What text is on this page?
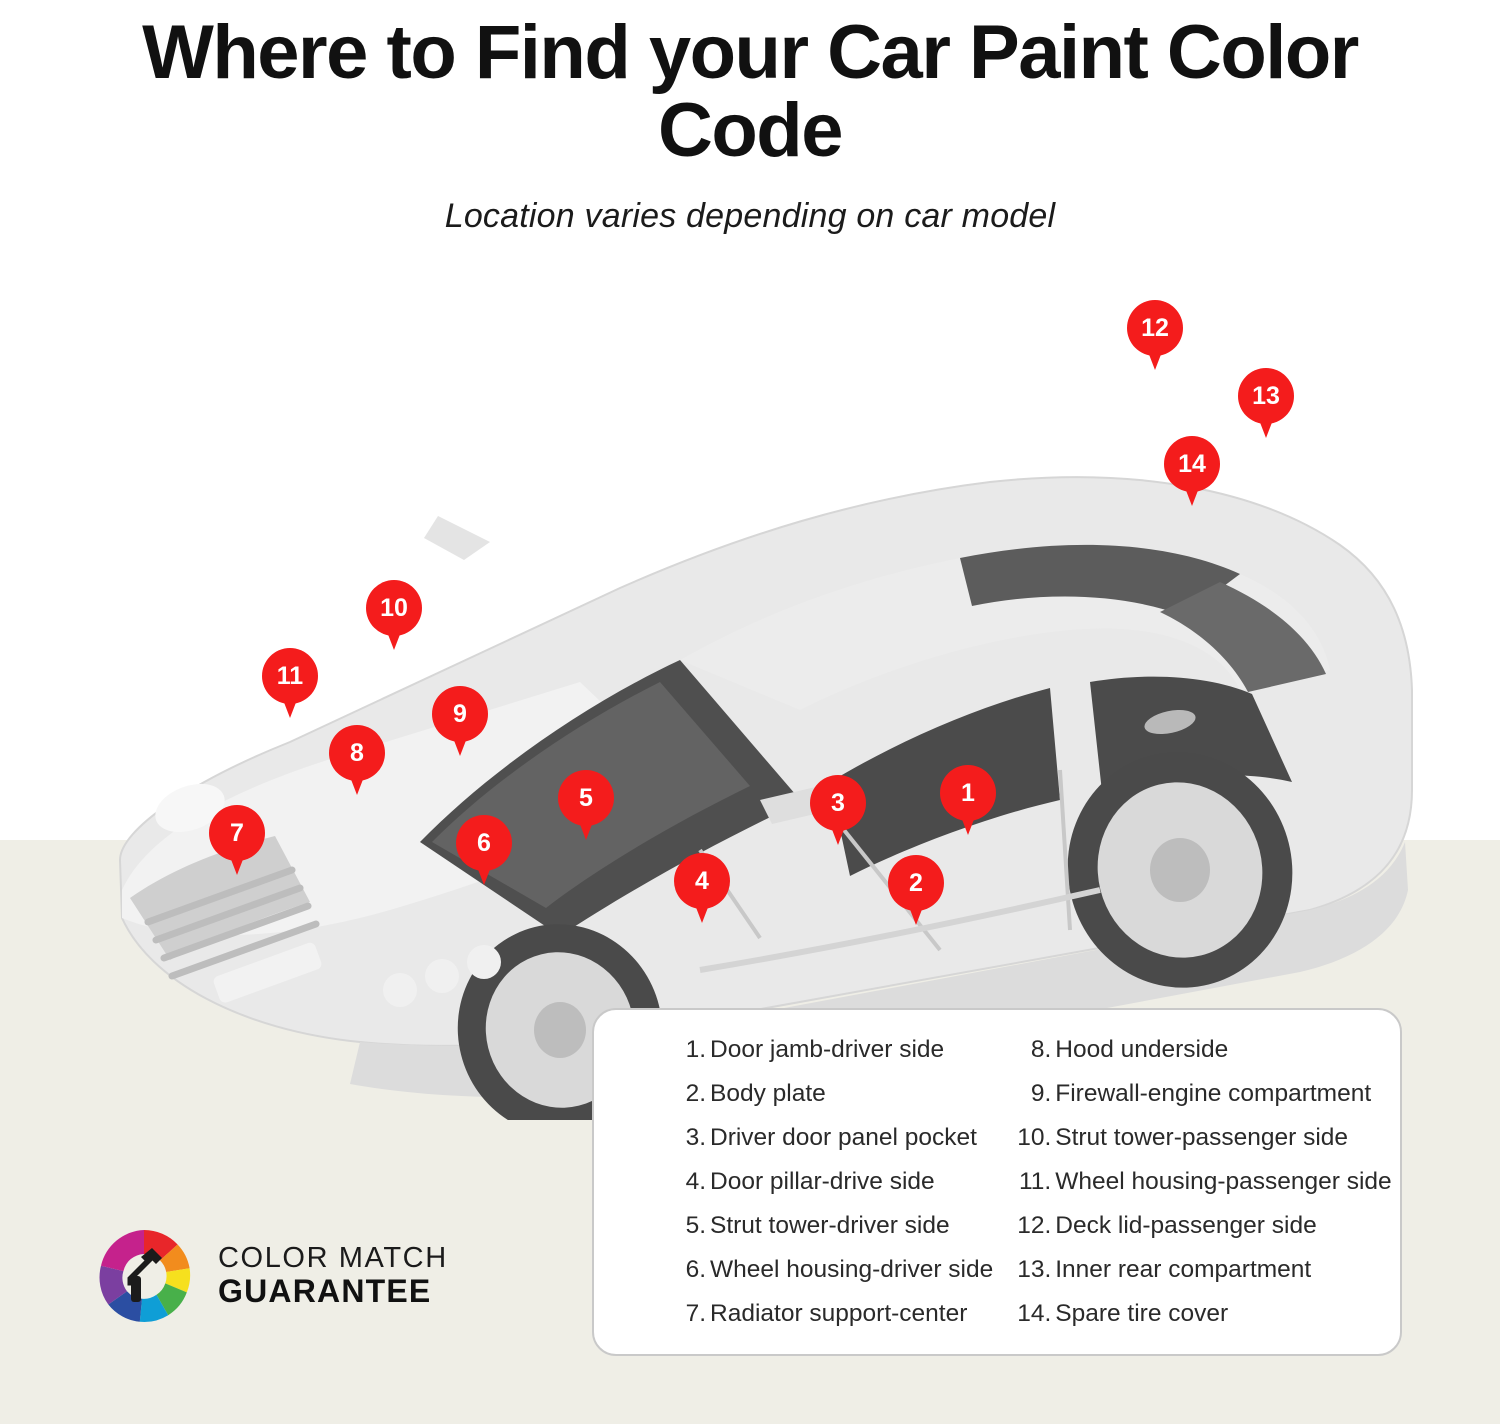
Where to Find your Car Paint Color Code
Location varies depending on car model
1
2
3
4
5
6
7
8
9
10
11
12
13
14
1. Door jamb-driver side
2. Body plate
3. Driver door panel pocket
4. Door pillar-drive side
5. Strut tower-driver side
6. Wheel housing-driver side
7. Radiator support-center
8. Hood underside
9. Firewall-engine compartment
10. Strut tower-passenger side
11. Wheel housing-passenger side
12. Deck lid-passenger side
13. Inner rear compartment
14. Spare tire cover
COLOR MATCH
GUARANTEE
